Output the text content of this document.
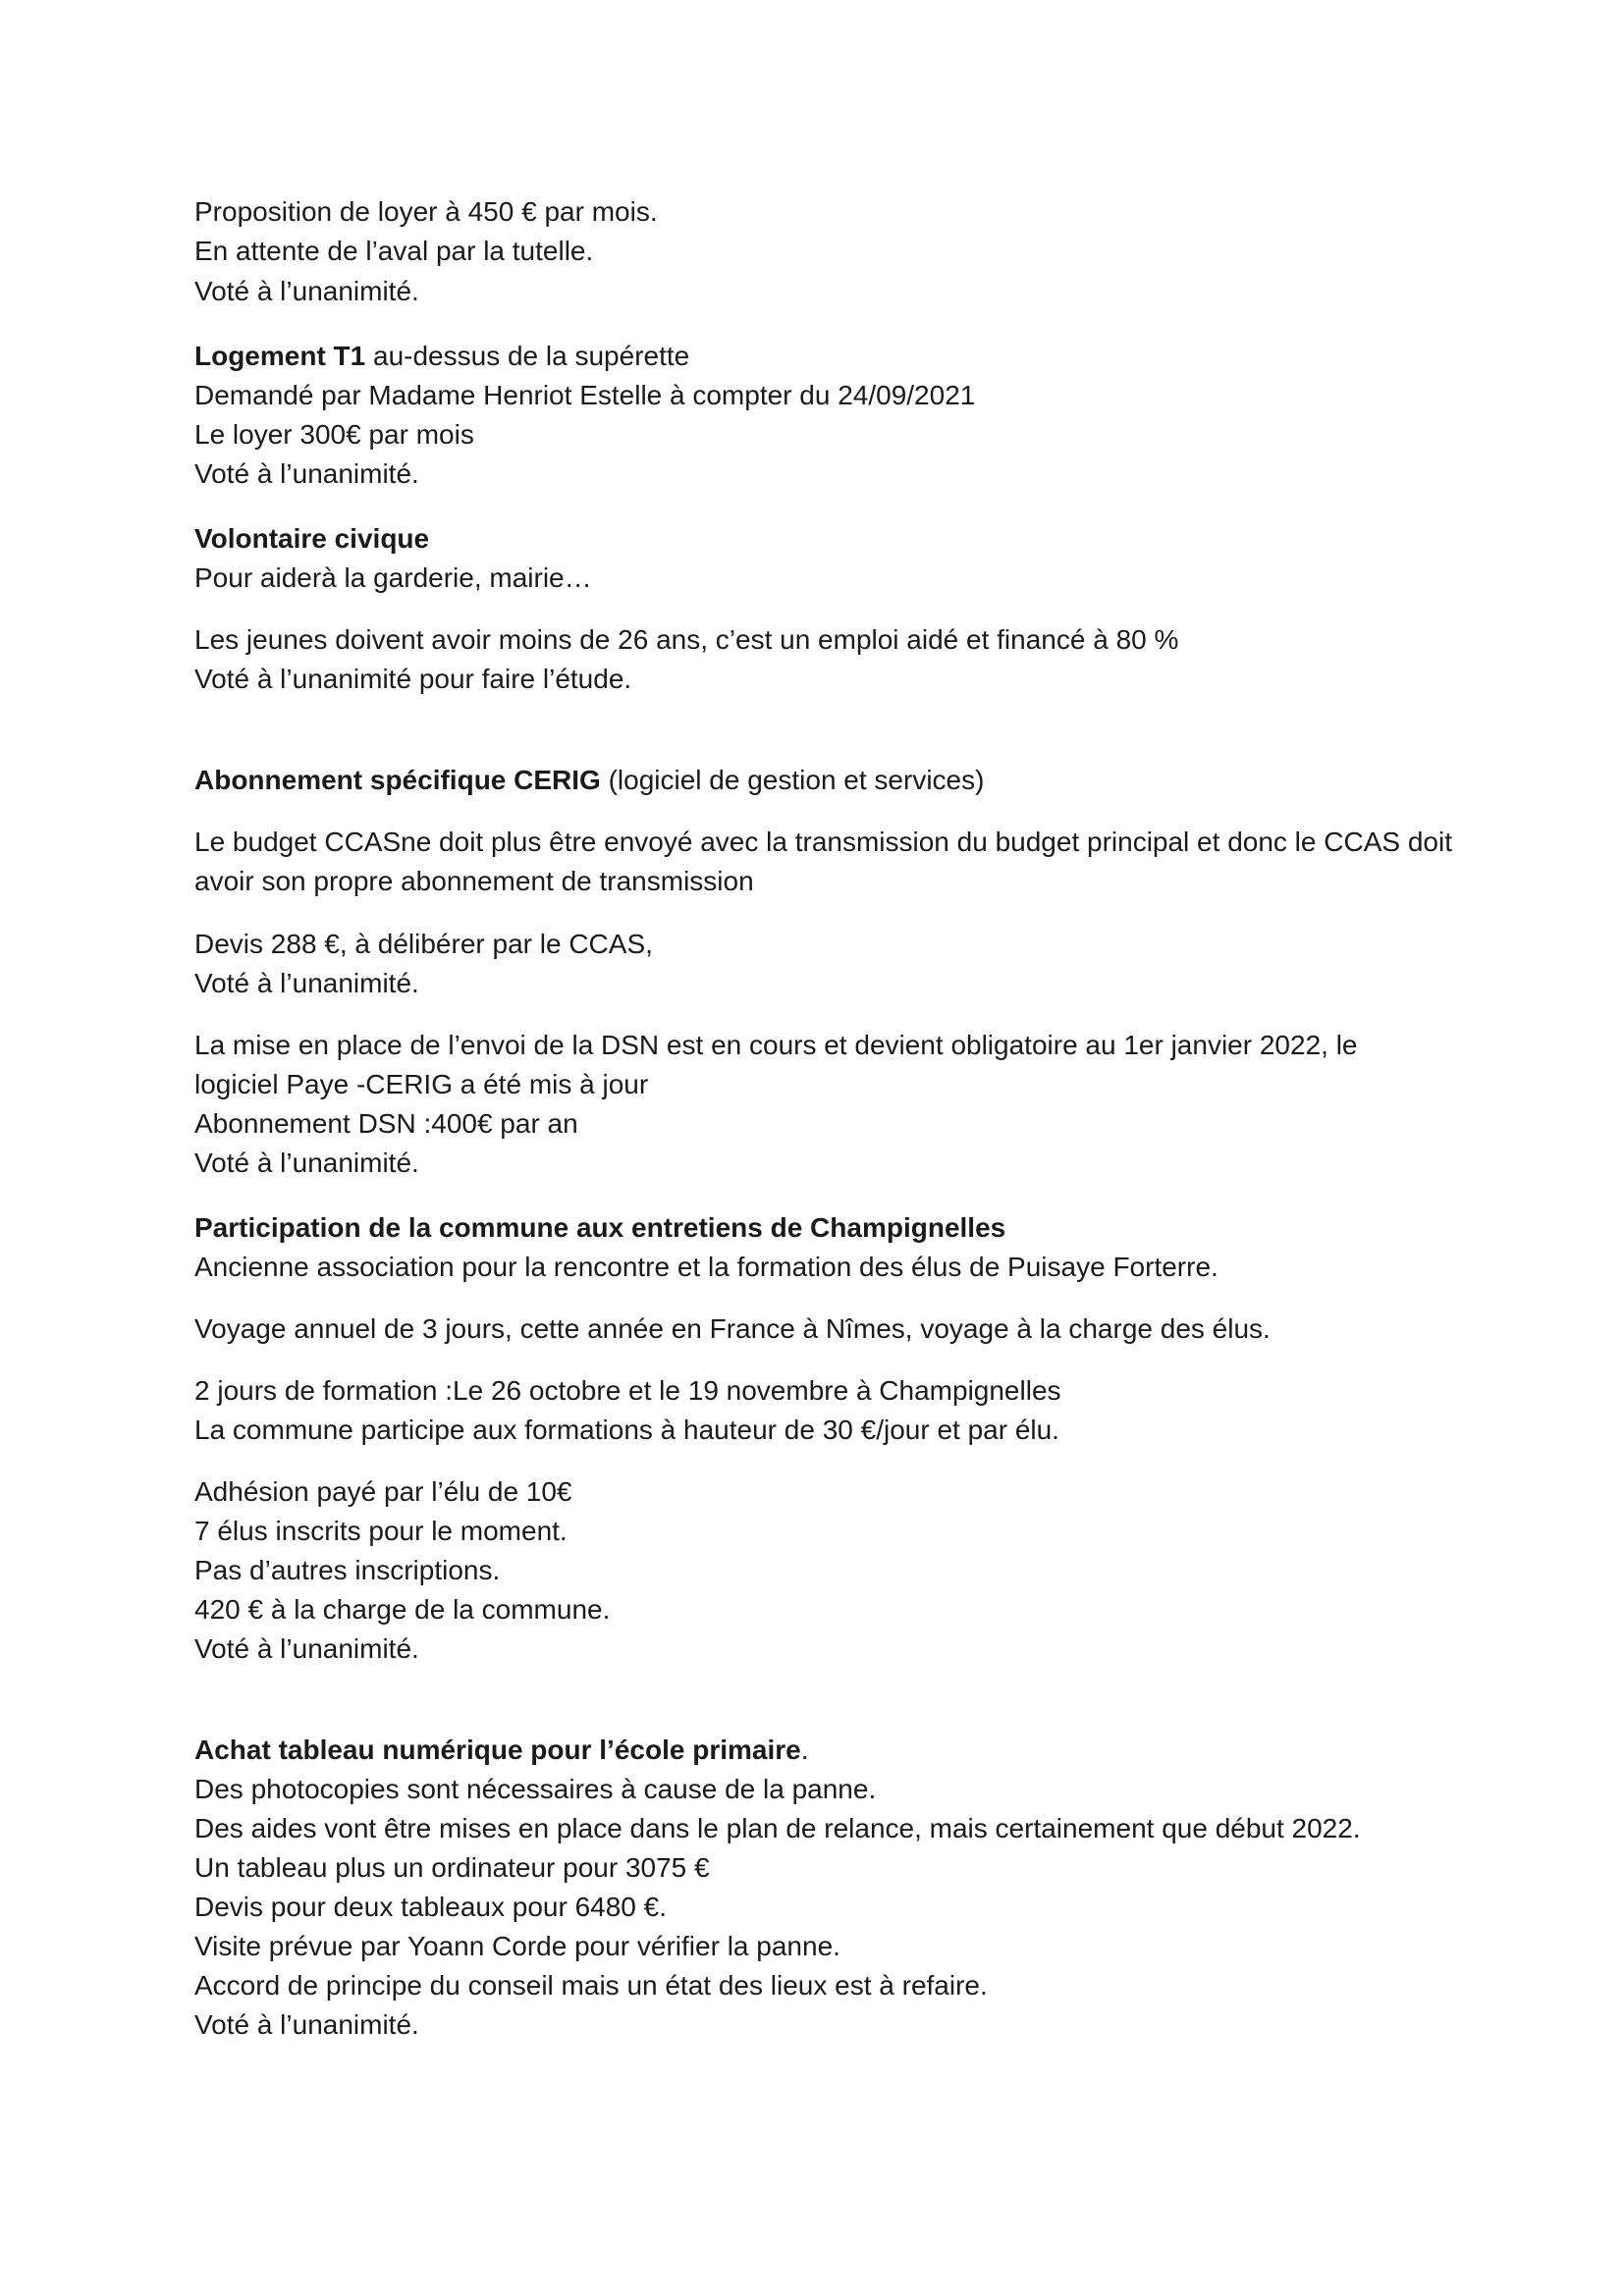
Proposition de loyer à 450 € par mois.
En attente de l’aval par la tutelle.
Voté à l’unanimité.
Logement T1 au-dessus de la supérette
Demandé par Madame Henriot Estelle à compter du 24/09/2021
Le loyer 300€ par mois
Voté à l’unanimité.
Volontaire civique
Pour aiderà la garderie, mairie…
Les jeunes doivent avoir moins de 26 ans, c’est un emploi aidé et financé à 80 %
Voté à l’unanimité pour faire l’étude.
Abonnement spécifique CERIG (logiciel de gestion et services)
Le budget CCASne doit plus être envoyé avec la transmission du budget principal et donc le CCAS doit
avoir son propre abonnement de transmission
Devis 288 €, à délibérer par le CCAS,
Voté à l’unanimité.
La mise en place de l’envoi de la DSN est en cours et devient obligatoire au 1er janvier 2022, le
logiciel Paye -CERIG a été mis à jour
Abonnement DSN :400€ par an
Voté à l’unanimité.
Participation de la commune aux entretiens de Champignelles
Ancienne association pour la rencontre et la formation des élus de Puisaye Forterre.
Voyage annuel de 3 jours, cette année en France à Nîmes, voyage à la charge des élus.
2 jours de formation :Le 26 octobre et le 19 novembre à Champignelles
La commune participe aux formations à hauteur de 30 €/jour et par élu.
Adhésion payé par l’élu de 10€
7 élus inscrits pour le moment.
Pas d’autres inscriptions.
420 € à la charge de la commune.
Voté à l’unanimité.
Achat tableau numérique pour l’école primaire.
Des photocopies sont nécessaires à cause de la panne.
Des aides vont être mises en place dans le plan de relance, mais certainement que début 2022.
Un tableau plus un ordinateur pour 3075 €
Devis pour deux tableaux pour 6480 €.
Visite prévue par Yoann Corde pour vérifier la panne.
Accord de principe du conseil mais un état des lieux est à refaire.
Voté à l’unanimité.
